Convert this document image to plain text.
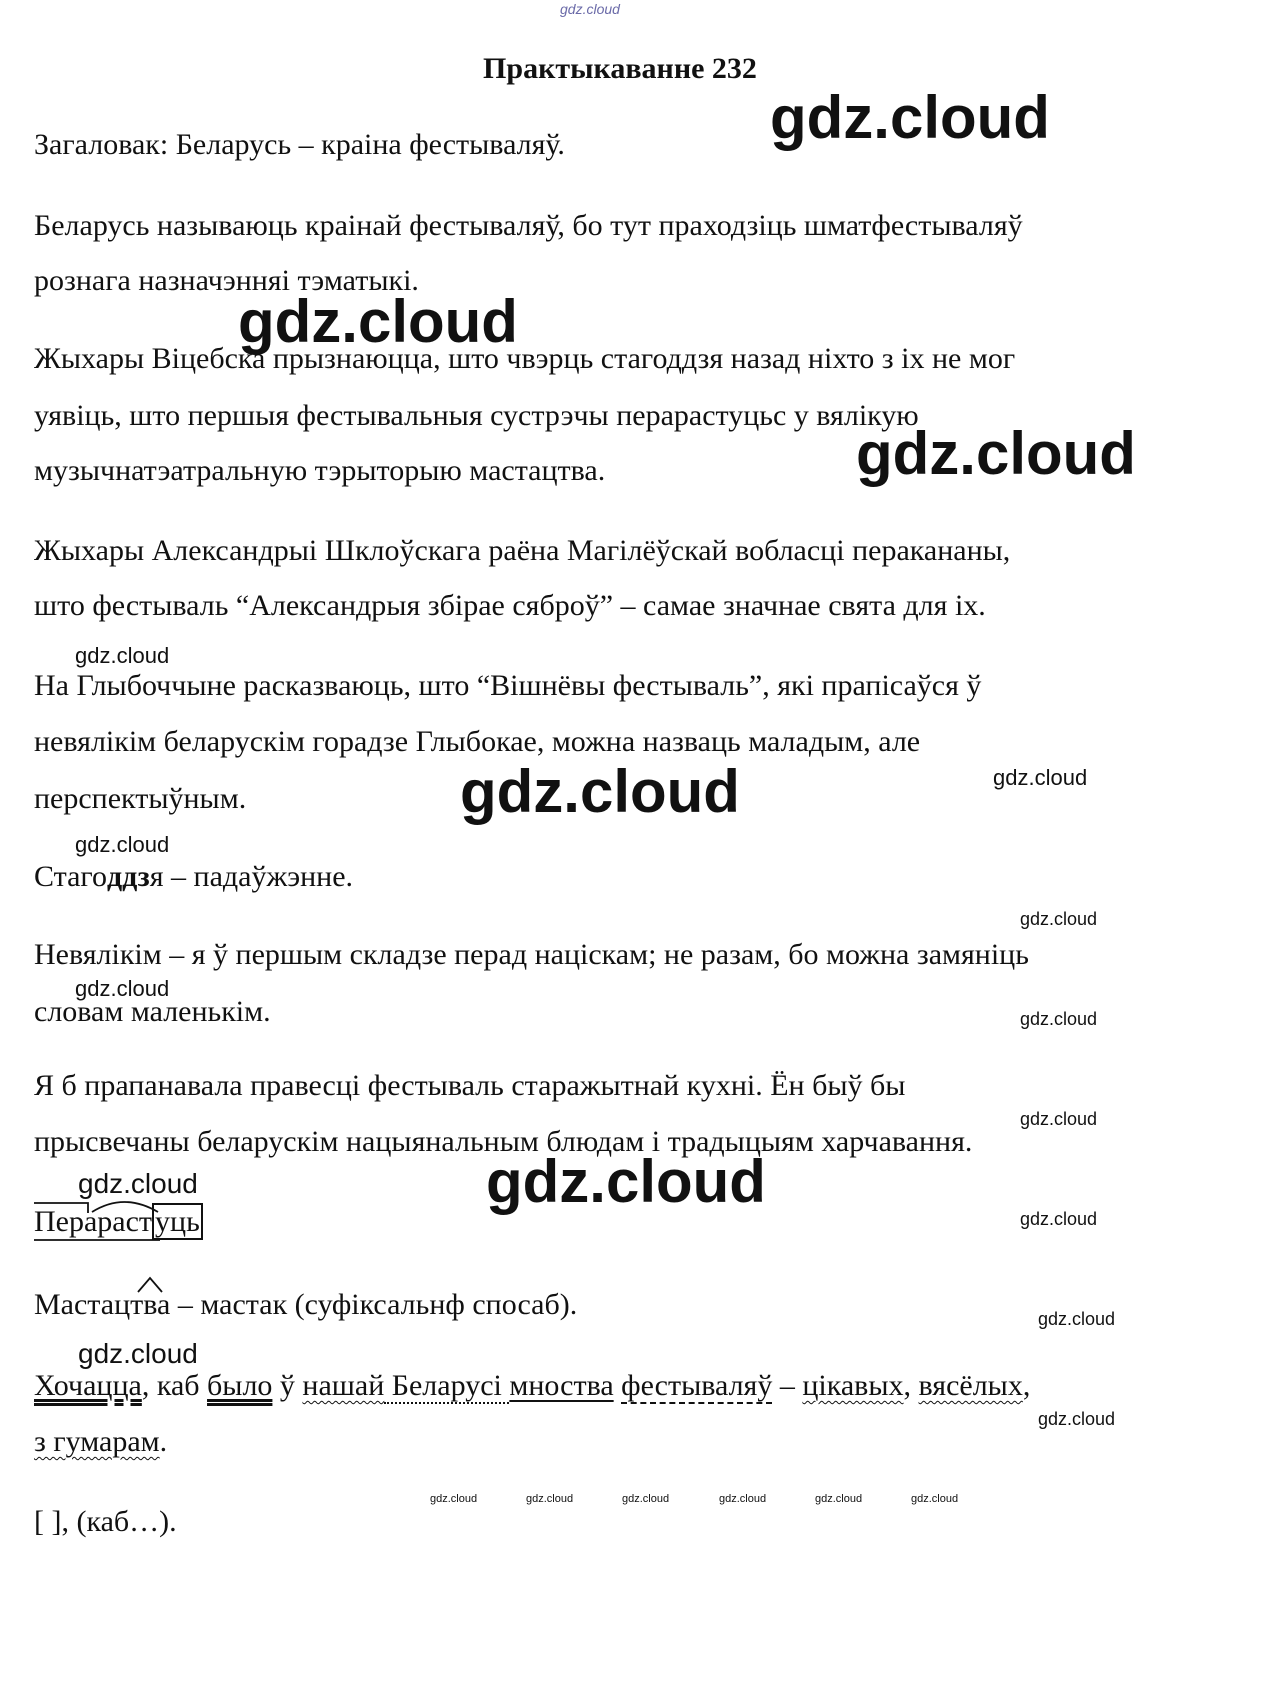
gdz.cloud
Практыкаванне 232

Загаловак: Беларусь – краіна фестываляў.

Беларусь называюць краінай фестываляў, бо тут праходзіць шматфестываляў

рознага назначэнняі тэматыкі.

Жыхары Віцебска прызнаюцца, што чвэрць стагоддзя назад ніхто з іх не мог

уявіць, што першыя фестывальныя сустрэчы перарастуцьс у вялікую

музычнатэатральную тэрыторыю мастацтва.

Жыхары Александрыі Шклоўскага раёна Магілёўскай вобласці перакананы,

што фестываль “Александрыя збірае сяброў” – самае значнае свята для іх.

На Глыбоччыне расказваюць, што “Вішнёвы фестываль”, які прапісаўся ў

невялікім беларускім горадзе Глыбокае, можна назваць маладым, але

перспектыўным.

Стагоддзя – падаўжэнне.

Невялікім – я ў першым складзе перад націскам; не разам, бо можна замяніць

словам маленькім.

Я б прапанавала правесці фестываль старажытнай кухні. Ён быў бы

прысвечаны беларускім нацыянальным блюдам і традыцыям харчавання.

Перараст уць

Мастацтва – мастак (суфіксальнф спосаб).

Хочацца, каб было ў нашай Беларусі мноства фестываляў – цікавых, вясёлых,

з гумарам.

[ ], (каб…).

gdz.cloud
gdz.cloud
gdz.cloud
gdz.cloud
gdz.cloud
gdz.cloud
gdz.cloud
gdz.cloud
gdz.cloud
gdz.cloud
gdz.cloud
gdz.cloud
gdz.cloud
gdz.cloud
gdz.cloud
gdz.cloud
gdz.cloud
gdz.cloud	gdz.cloud	gdz.cloud	gdz.cloud	gdz.cloud	gdz.cloud
